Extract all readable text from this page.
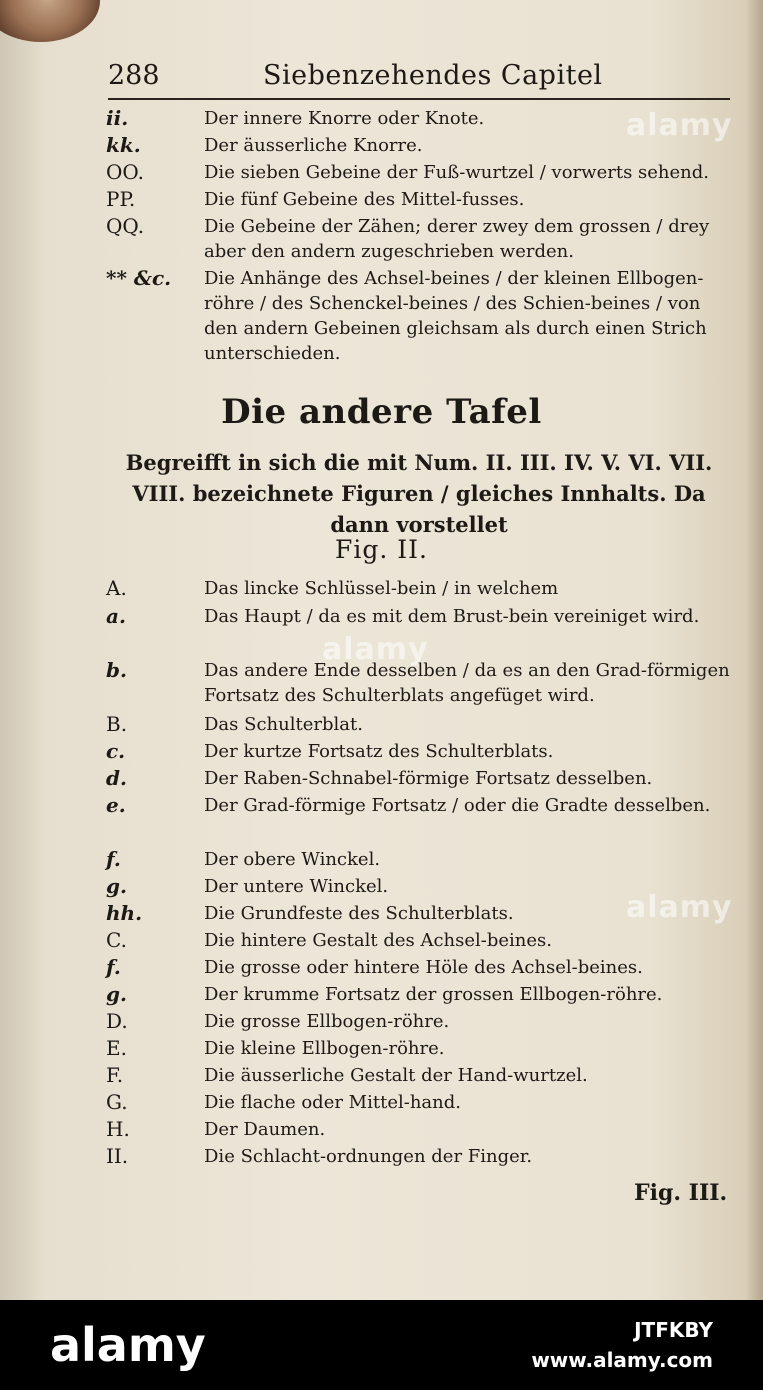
288	Siebenzehendes Capitel
ii.	Der innere Knorre oder Knote.
kk.	Der äusserliche Knorre.
OO.	Die sieben Gebeine der Fuß-wurtzel / vorwerts sehend.
PP.	Die fünf Gebeine des Mittel-fusses.
QQ.	Die Gebeine der Zähen; derer zwey dem grossen / drey aber den andern zugeschrieben werden.
** &c.	Die Anhänge des Achsel-beines / der kleinen Ellbogen-röhre / des Schenckel-beines / des Schien-beines / von den andern Gebeinen gleichsam als durch einen Strich unterschieden.
Die andere Tafel
Begreifft in sich die mit Num. II. III. IV. V. VI. VII. VIII. bezeichnete Figuren / gleiches Innhalts. Da dann vorstellet
Fig. II.
A.	Das lincke Schlüssel-bein / in welchem
a.	Das Haupt / da es mit dem Brust-bein vereiniget wird.
b.	Das andere Ende desselben / da es an den Grad-förmigen Fortsatz des Schulterblats angefüget wird.
B.	Das Schulterblat.
c.	Der kurtze Fortsatz des Schulterblats.
d.	Der Raben-Schnabel-förmige Fortsatz desselben.
e.	Der Grad-förmige Fortsatz / oder die Gradte desselben.
f.	Der obere Winckel.
g.	Der untere Winckel.
hh.	Die Grundfeste des Schulterblats.
C.	Die hintere Gestalt des Achsel-beines.
f.	Die grosse oder hintere Höle des Achsel-beines.
g.	Der krumme Fortsatz der grossen Ellbogen-röhre.
D.	Die grosse Ellbogen-röhre.
E.	Die kleine Ellbogen-röhre.
F.	Die äusserliche Gestalt der Hand-wurtzel.
G.	Die flache oder Mittel-hand.
H.	Der Daumen.
II.	Die Schlacht-ordnungen der Finger.
Fig. III.
alamy
alamy
alamy
alamy	JTFKBY
www.alamy.com
